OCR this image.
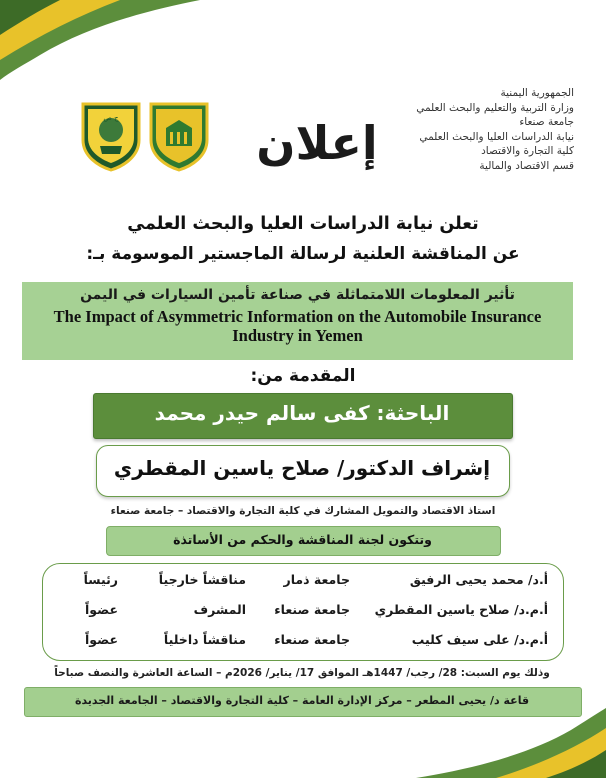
الجمهورية اليمنية
وزارة التربية والتعليم والبحث العلمي
جامعة صنعاء
نيابة الدراسات العليا والبحث العلمي
كلية التجارة والاقتصاد
قسم الاقتصاد والمالية
إعلان
ج ص
تعلن نيابة الدراسات العليا والبحث العلمي
عن المناقشة العلنية لرسالة الماجستير الموسومة بـ:
تأثير المعلومات اللامتماثلة في صناعة تأمين السيارات في اليمن
The Impact of Asymmetric Information on the Automobile Insurance Industry in Yemen
المقدمة من:
الباحثة: كفى سالم حيدر محمد
إشراف الدكتور/ صلاح ياسين المقطري
استاذ الاقتصاد والتمويل المشارك في كلية التجارة والاقتصاد – جامعة صنعاء
وتتكون لجنة المناقشة والحكم من الأساتذة
أ.د/ محمد يحيى الرفيق
جامعة ذمار
مناقشاً خارجياً
رئيساً
أ.م.د/ صلاح ياسين المقطري
جامعة صنعاء
المشرف
عضواً
أ.م.د/ على سيف كليب
جامعة صنعاء
مناقشاً داخلياً
عضواً
وذلك يوم السبت: 28/ رجب/ 1447هـ الموافق 17/ يناير/ 2026م – الساعة العاشرة والنصف صباحاً
قاعة د/ يحيى المطعر – مركز الإدارة العامة – كلية التجارة والاقتصاد – الجامعة الجديدة
